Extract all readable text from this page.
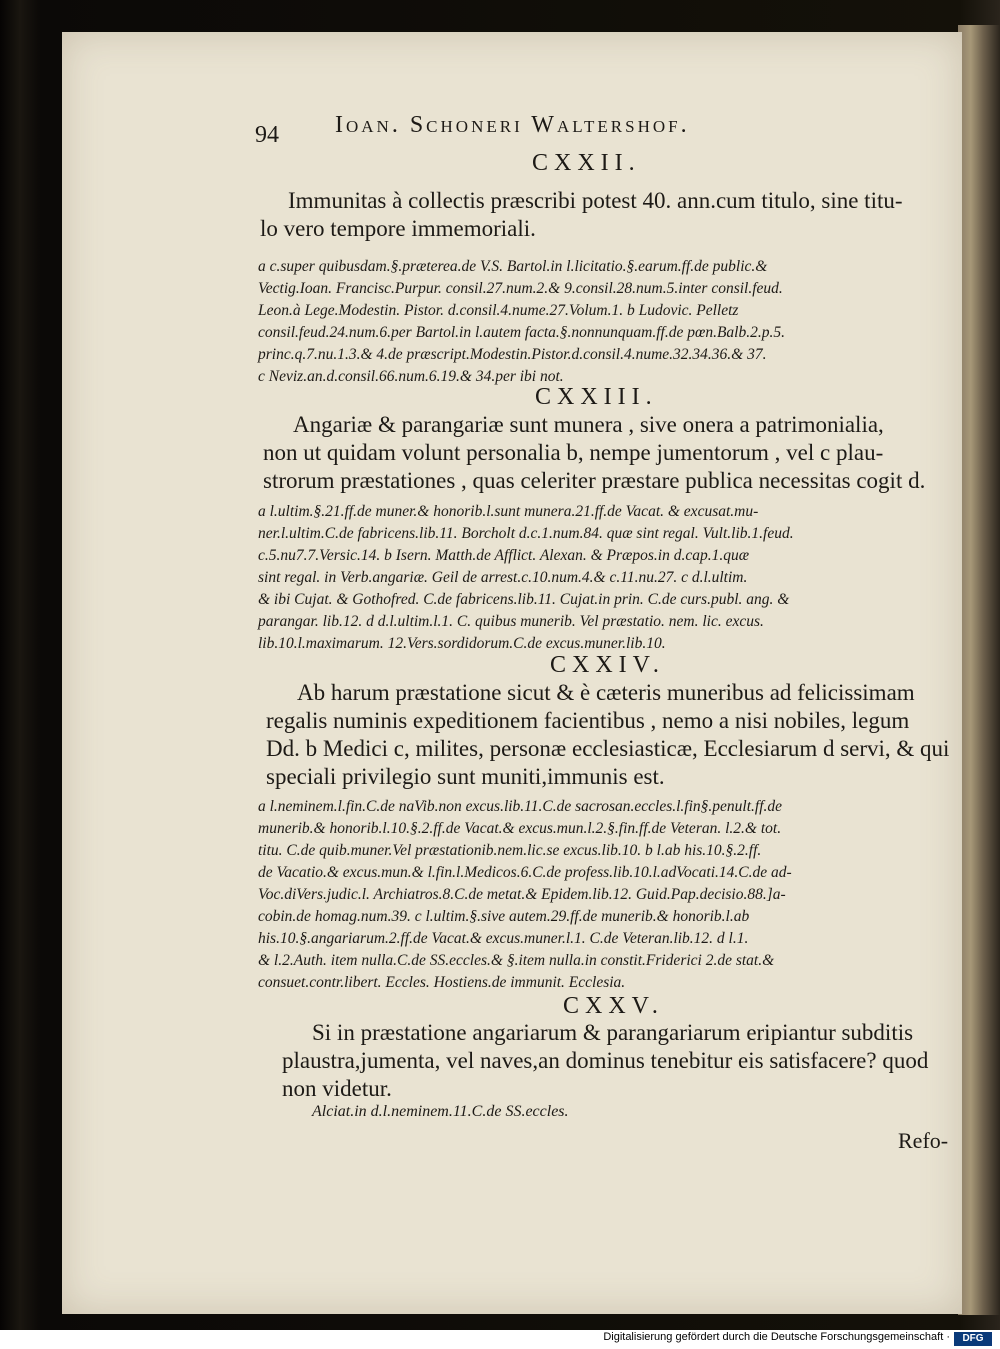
94 Ioan. Schoneri Waltershof.
CXXII.
Immunitas à collectis præscribi potest 40. ann.cum titulo, sine titu-
lo vero tempore immemoriali.
a c.super quibusdam.§.præterea.de V.S. Bartol.in l.licitatio.§.earum.ff.de public.&
Vectig.Ioan. Francisc.Purpur. consil.27.num.2.& 9.consil.28.num.5.inter consil.feud.
Leon.à Lege.Modestin. Pistor. d.consil.4.nume.27.Volum.1. b Ludovic. Pelletz
consil.feud.24.num.6.per Bartol.in l.autem facta.§.nonnunquam.ff.de pœn.Balb.2.p.5.
princ.q.7.nu.1.3.& 4.de præscript.Modestin.Pistor.d.consil.4.nume.32.34.36.& 37.
c Neviz.an.d.consil.66.num.6.19.& 34.per ibi not.
CXXIII.
Angariæ & parangariæ sunt munera , sive onera a patrimonialia,
non ut quidam volunt personalia b, nempe jumentorum , vel c plau-
strorum præstationes , quas celeriter præstare publica necessitas cogit d.
a l.ultim.§.21.ff.de muner.& honorib.l.sunt munera.21.ff.de Vacat. & excusat.mu-
ner.l.ultim.C.de fabricens.lib.11. Borcholt d.c.1.num.84. quæ sint regal. Vult.lib.1.feud.
c.5.nu7.7.Versic.14. b Isern. Matth.de Afflict. Alexan. & Præpos.in d.cap.1.quæ
sint regal. in Verb.angariæ. Geil de arrest.c.10.num.4.& c.11.nu.27. c d.l.ultim.
& ibi Cujat. & Gothofred. C.de fabricens.lib.11. Cujat.in prin. C.de curs.publ. ang. &
parangar. lib.12. d d.l.ultim.l.1. C. quibus munerib. Vel præstatio. nem. lic. excus.
lib.10.l.maximarum. 12.Vers.sordidorum.C.de excus.muner.lib.10.
CXXIV.
Ab harum præstatione sicut & è cæteris muneribus ad felicissimam
regalis numinis expeditionem facientibus , nemo a nisi nobiles, legum
Dd. b Medici c, milites, personæ ecclesiasticæ, Ecclesiarum d servi, & qui
speciali privilegio sunt muniti,immunis est.
a l.neminem.l.fin.C.de naVib.non excus.lib.11.C.de sacrosan.eccles.l.fin§.penult.ff.de
munerib.& honorib.l.10.§.2.ff.de Vacat.& excus.mun.l.2.§.fin.ff.de Veteran. l.2.& tot.
titu. C.de quib.muner.Vel præstationib.nem.lic.se excus.lib.10. b l.ab his.10.§.2.ff.
de Vacatio.& excus.mun.& l.fin.l.Medicos.6.C.de profess.lib.10.l.adVocati.14.C.de ad-
Voc.diVers.judic.l. Archiatros.8.C.de metat.& Epidem.lib.12. Guid.Pap.decisio.88.]a-
cobin.de homag.num.39. c l.ultim.§.sive autem.29.ff.de munerib.& honorib.l.ab
his.10.§.angariarum.2.ff.de Vacat.& excus.muner.l.1. C.de Veteran.lib.12. d l.1.
& l.2.Auth. item nulla.C.de SS.eccles.& §.item nulla.in constit.Friderici 2.de stat.&
consuet.contr.libert. Eccles. Hostiens.de immunit. Ecclesia.
CXXV.
Si in præstatione angariarum & parangariarum eripiantur subditis
plaustra,jumenta, vel naves,an dominus tenebitur eis satisfacere? quod
non videtur.
Alciat.in d.l.neminem.11.C.de SS.eccles.
Refo-
Digitalisierung gefördert durch die Deutsche Forschungsgemeinschaft ·	DFG
